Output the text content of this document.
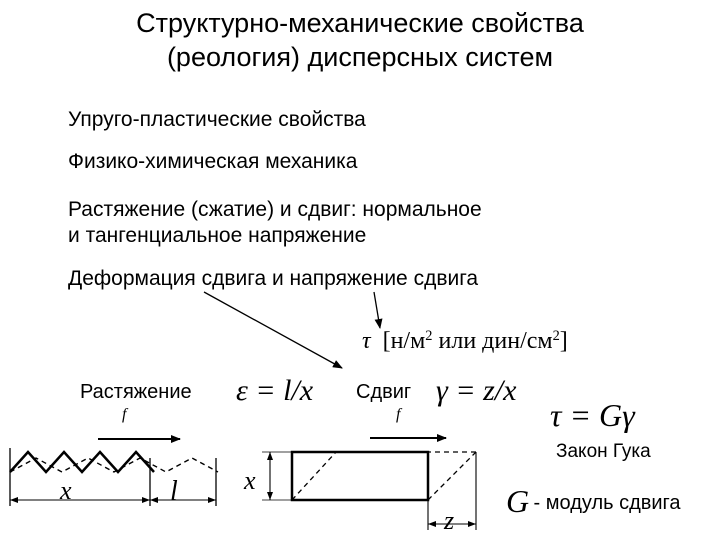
Структурно-механические свойства
(реология) дисперсных систем
Упруго-пластические свойства
Физико-химическая механика
Растяжение (сжатие) и сдвиг: нормальное
и тангенциальное напряжение
Деформация сдвига и напряжение сдвига
τ [$н/м^2$ или дин/$см^2$]
Растяжение ε = l/x
f
x	l
Сдвиг γ = z/x
f
x
z
τ = Gγ
Закон Гука
G
- модуль сдвига
